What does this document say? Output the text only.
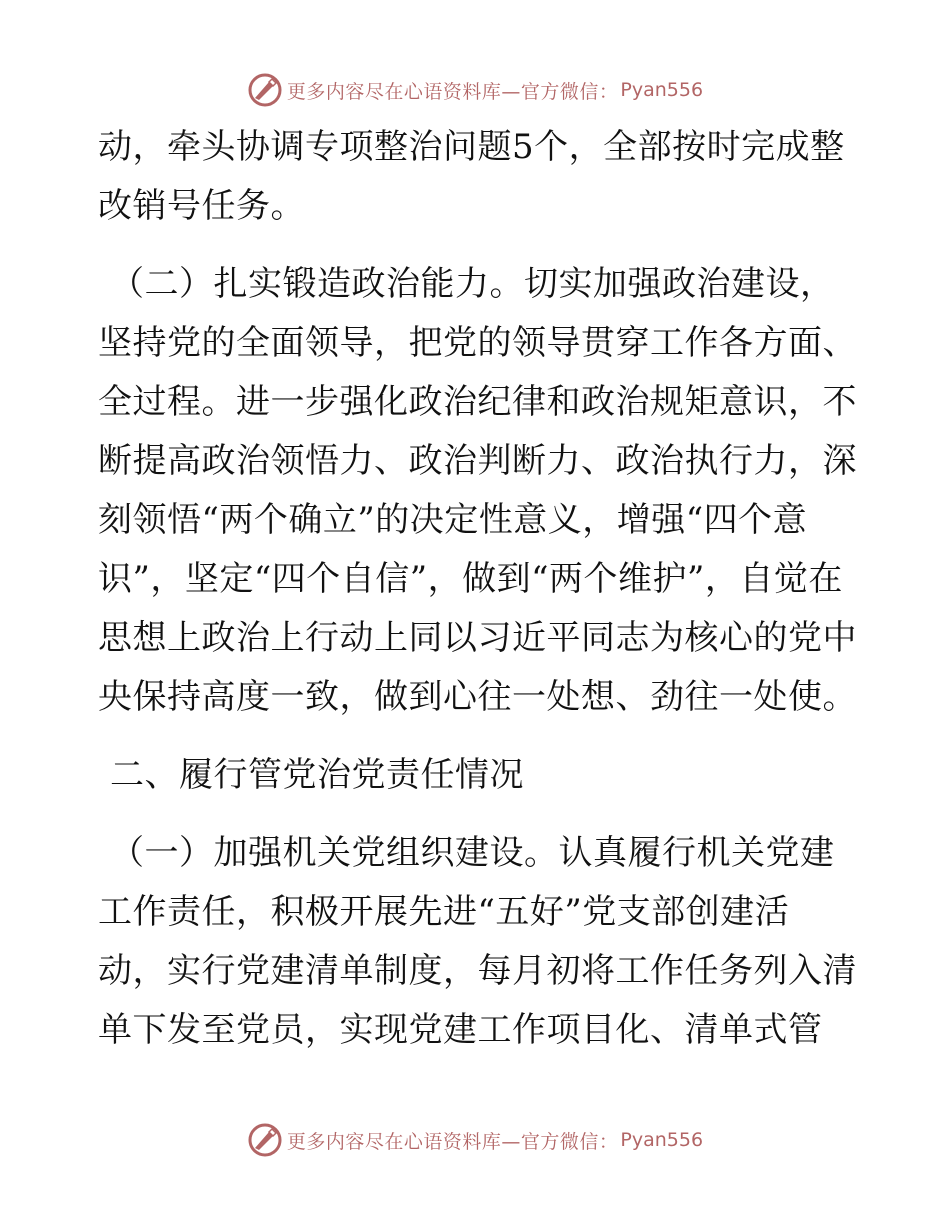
更多内容尽在心语资料库—官方微信： Pyan556

动，牵头协调专项整治问题5个，全部按时完成整改销号任务。

（二）扎实锻造政治能力。切实加强政治建设，坚持党的全面领导，把党的领导贯穿工作各方面、全过程。进一步强化政治纪律和政治规矩意识，不断提高政治领悟力、政治判断力、政治执行力，深刻领悟“两个确立”的决定性意义，增强“四个意识”，坚定“四个自信”，做到“两个维护”，自觉在思想上政治上行动上同以习近平同志为核心的党中央保持高度一致，做到心往一处想、劲往一处使。

二、履行管党治党责任情况

（一）加强机关党组织建设。认真履行机关党建工作责任，积极开展先进“五好”党支部创建活动，实行党建清单制度，每月初将工作任务列入清单下发至党员，实现党建工作项目化、清单式管

更多内容尽在心语资料库—官方微信： Pyan556
